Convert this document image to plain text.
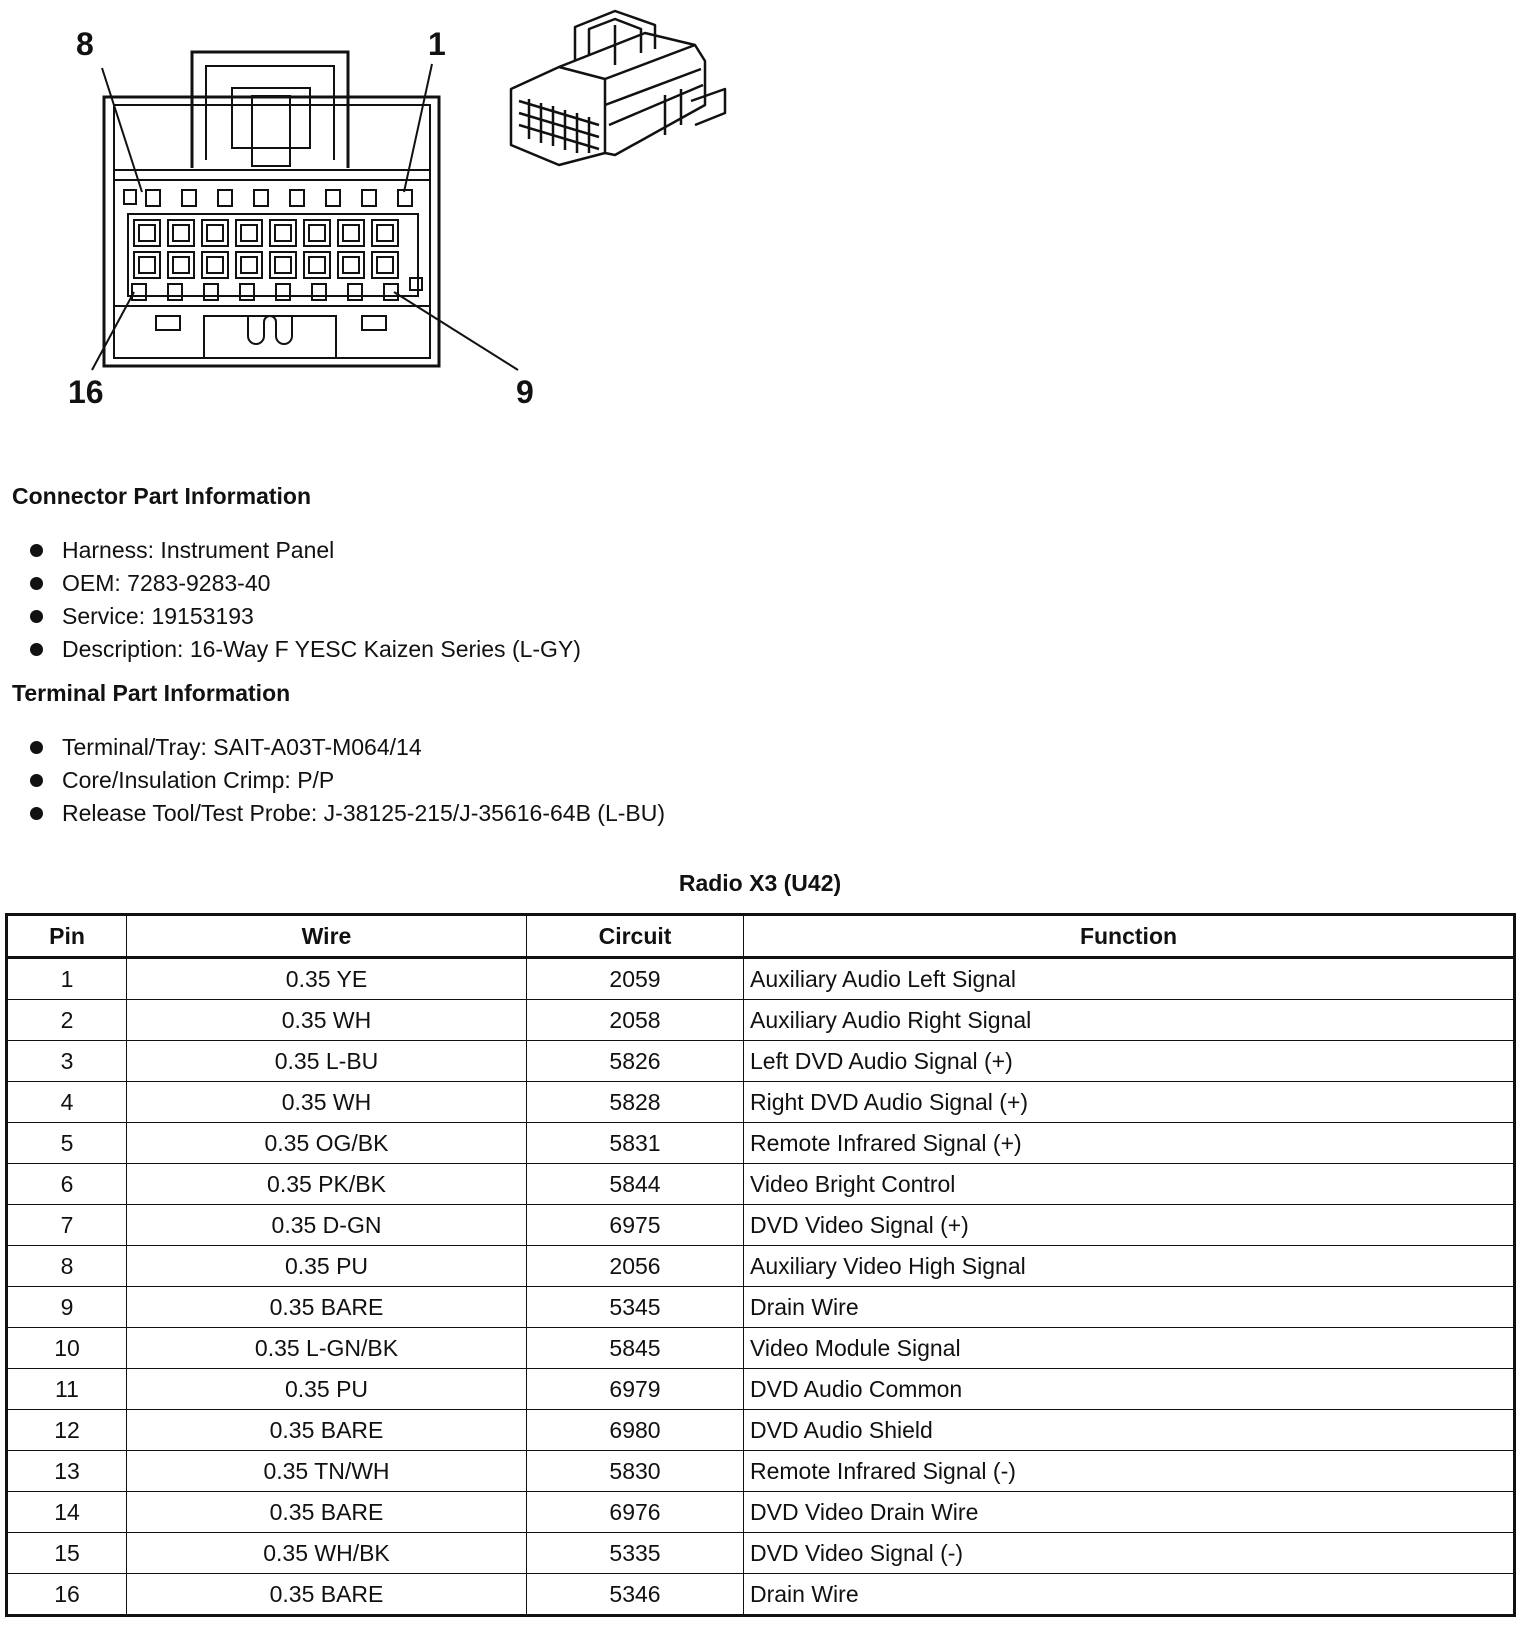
8	1
16	9
Connector Part Information
Harness: Instrument Panel
OEM: 7283-9283-40
Service: 19153193
Description: 16-Way F YESC Kaizen Series (L-GY)
Terminal Part Information
Terminal/Tray: SAIT-A03T-M064/14
Core/Insulation Crimp: P/P
Release Tool/Test Probe: J-38125-215/J-35616-64B (L-BU)
Radio X3 (U42)
Pin	Wire	Circuit	Function
1	0.35 YE	2059	Auxiliary Audio Left Signal
2	0.35 WH	2058	Auxiliary Audio Right Signal
3	0.35 L-BU	5826	Left DVD Audio Signal (+)
4	0.35 WH	5828	Right DVD Audio Signal (+)
5	0.35 OG/BK	5831	Remote Infrared Signal (+)
6	0.35 PK/BK	5844	Video Bright Control
7	0.35 D-GN	6975	DVD Video Signal (+)
8	0.35 PU	2056	Auxiliary Video High Signal
9	0.35 BARE	5345	Drain Wire
10	0.35 L-GN/BK	5845	Video Module Signal
11	0.35 PU	6979	DVD Audio Common
12	0.35 BARE	6980	DVD Audio Shield
13	0.35 TN/WH	5830	Remote Infrared Signal (-)
14	0.35 BARE	6976	DVD Video Drain Wire
15	0.35 WH/BK	5335	DVD Video Signal (-)
16	0.35 BARE	5346	Drain Wire
